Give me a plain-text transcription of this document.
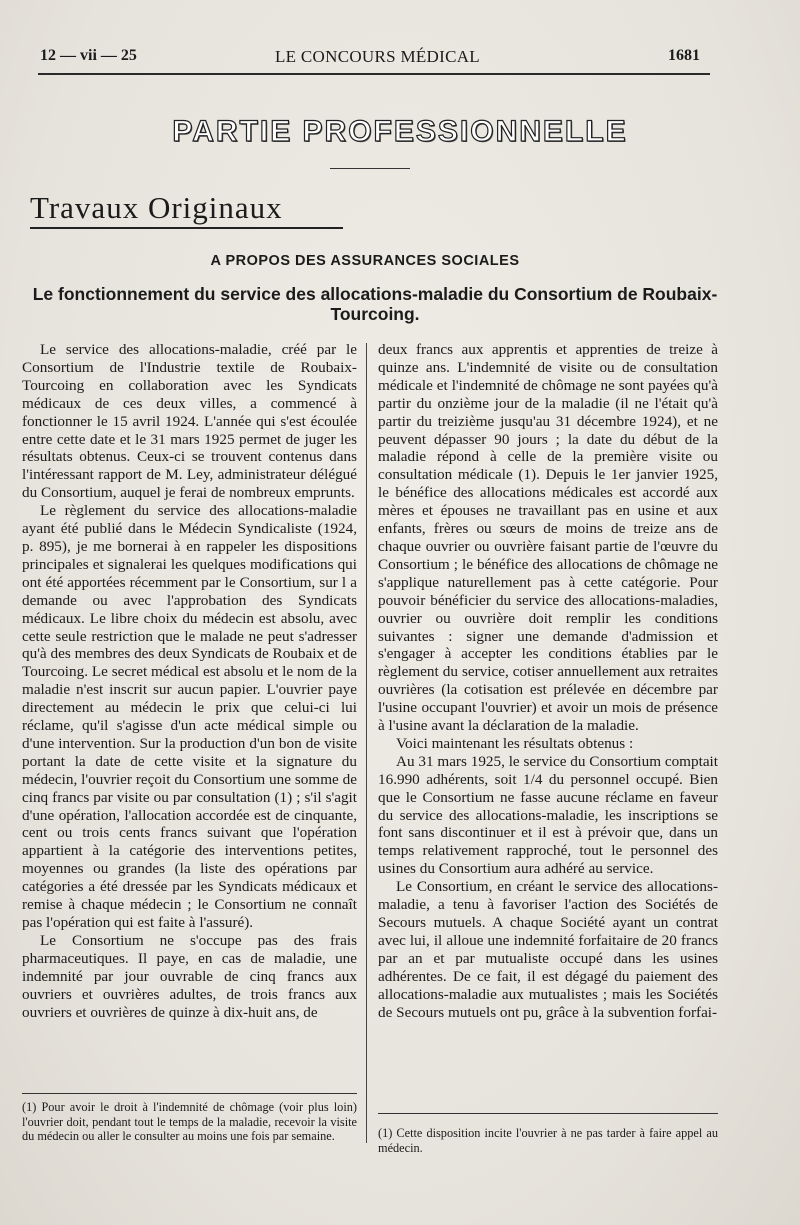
12 — vii — 25	LE CONCOURS MÉDICAL	1681
PARTIE PROFESSIONNELLE
Travaux Originaux
A PROPOS DES ASSURANCES SOCIALES
Le fonctionnement du service des allocations-maladie du Consortium de Roubaix-Tourcoing.

Le service des allocations-maladie, créé par le Consortium de l'Industrie textile de Roubaix-Tourcoing en collaboration avec les Syndicats médicaux de ces deux villes, a commencé à fonctionner le 15 avril 1924. L'année qui s'est écoulée entre cette date et le 31 mars 1925 permet de juger les résultats obtenus. Ceux-ci se trouvent contenus dans l'intéressant rapport de M. Ley, administrateur délégué du Consortium, auquel je ferai de nombreux emprunts.

Le règlement du service des allocations-maladie ayant été publié dans le Médecin Syndicaliste (1924, p. 895), je me bornerai à en rappeler les dispositions principales et signalerai les quelques modifications qui ont été apportées récemment par le Consortium, sur l a demande ou avec l'approbation des Syndicats médicaux. Le libre choix du médecin est absolu, avec cette seule restriction que le malade ne peut s'adresser qu'à des membres des deux Syndicats de Roubaix et de Tourcoing. Le secret médical est absolu et le nom de la maladie n'est inscrit sur aucun papier. L'ouvrier paye directement au médecin le prix que celui-ci lui réclame, qu'il s'agisse d'un acte médical simple ou d'une intervention. Sur la production d'un bon de visite portant la date de cette visite et la signature du médecin, l'ouvrier reçoit du Consortium une somme de cinq francs par visite ou par consultation (1) ; s'il s'agit d'une opération, l'allocation accordée est de cinquante, cent ou trois cents francs suivant que l'opération appartient à la catégorie des interventions petites, moyennes ou grandes (la liste des opérations par catégories a été dressée par les Syndicats médicaux et remise à chaque médecin ; le Consortium ne connaît pas l'opération qui est faite à l'assuré).

Le Consortium ne s'occupe pas des frais pharmaceutiques. Il paye, en cas de maladie, une indemnité par jour ouvrable de cinq francs aux ouvriers et ouvrières adultes, de trois francs aux ouvriers et ouvrières de quinze à dix-huit ans, de

deux francs aux apprentis et apprenties de treize à quinze ans. L'indemnité de visite ou de consultation médicale et l'indemnité de chômage ne sont payées qu'à partir du onzième jour de la maladie (il ne l'était qu'à partir du treizième jusqu'au 31 décembre 1924), et ne peuvent dépasser 90 jours ; la date du début de la maladie répond à celle de la première visite ou consultation médicale (1). Depuis le 1er janvier 1925, le bénéfice des allocations médicales est accordé aux mères et épouses ne travaillant pas en usine et aux enfants, frères ou sœurs de moins de treize ans de chaque ouvrier ou ouvrière faisant partie de l'œuvre du Consortium ; le bénéfice des allocations de chômage ne s'applique naturellement pas à cette catégorie. Pour pouvoir bénéficier du service des allocations-maladies, ouvrier ou ouvrière doit remplir les conditions suivantes : signer une demande d'admission et s'engager à accepter les conditions établies par le règlement du service, cotiser annuellement aux retraites ouvrières (la cotisation est prélevée en décembre par l'usine occupant l'ouvrier) et avoir un mois de présence à l'usine avant la déclaration de la maladie.

Voici maintenant les résultats obtenus :

Au 31 mars 1925, le service du Consortium comptait 16.990 adhérents, soit 1/4 du personnel occupé. Bien que le Consortium ne fasse aucune réclame en faveur du service des allocations-maladie, les inscriptions se font sans discontinuer et il est à prévoir que, dans un temps relativement rapproché, tout le personnel des usines du Consortium aura adhéré au service.

Le Consortium, en créant le service des allocations-maladie, a tenu à favoriser l'action des Sociétés de Secours mutuels. A chaque Société ayant un contrat avec lui, il alloue une indemnité forfaitaire de 20 francs par an et par mutualiste occupé dans les usines adhérentes. De ce fait, il est dégagé du paiement des allocations-maladie aux mutualistes ; mais les Sociétés de Secours mutuels ont pu, grâce à la subvention forfai-

(1) Pour avoir le droit à l'indemnité de chômage (voir plus loin) l'ouvrier doit, pendant tout le temps de la maladie, recevoir la visite du médecin ou aller le consulter au moins une fois par semaine.	(1) Cette disposition incite l'ouvrier à ne pas tarder à faire appel au médecin.
